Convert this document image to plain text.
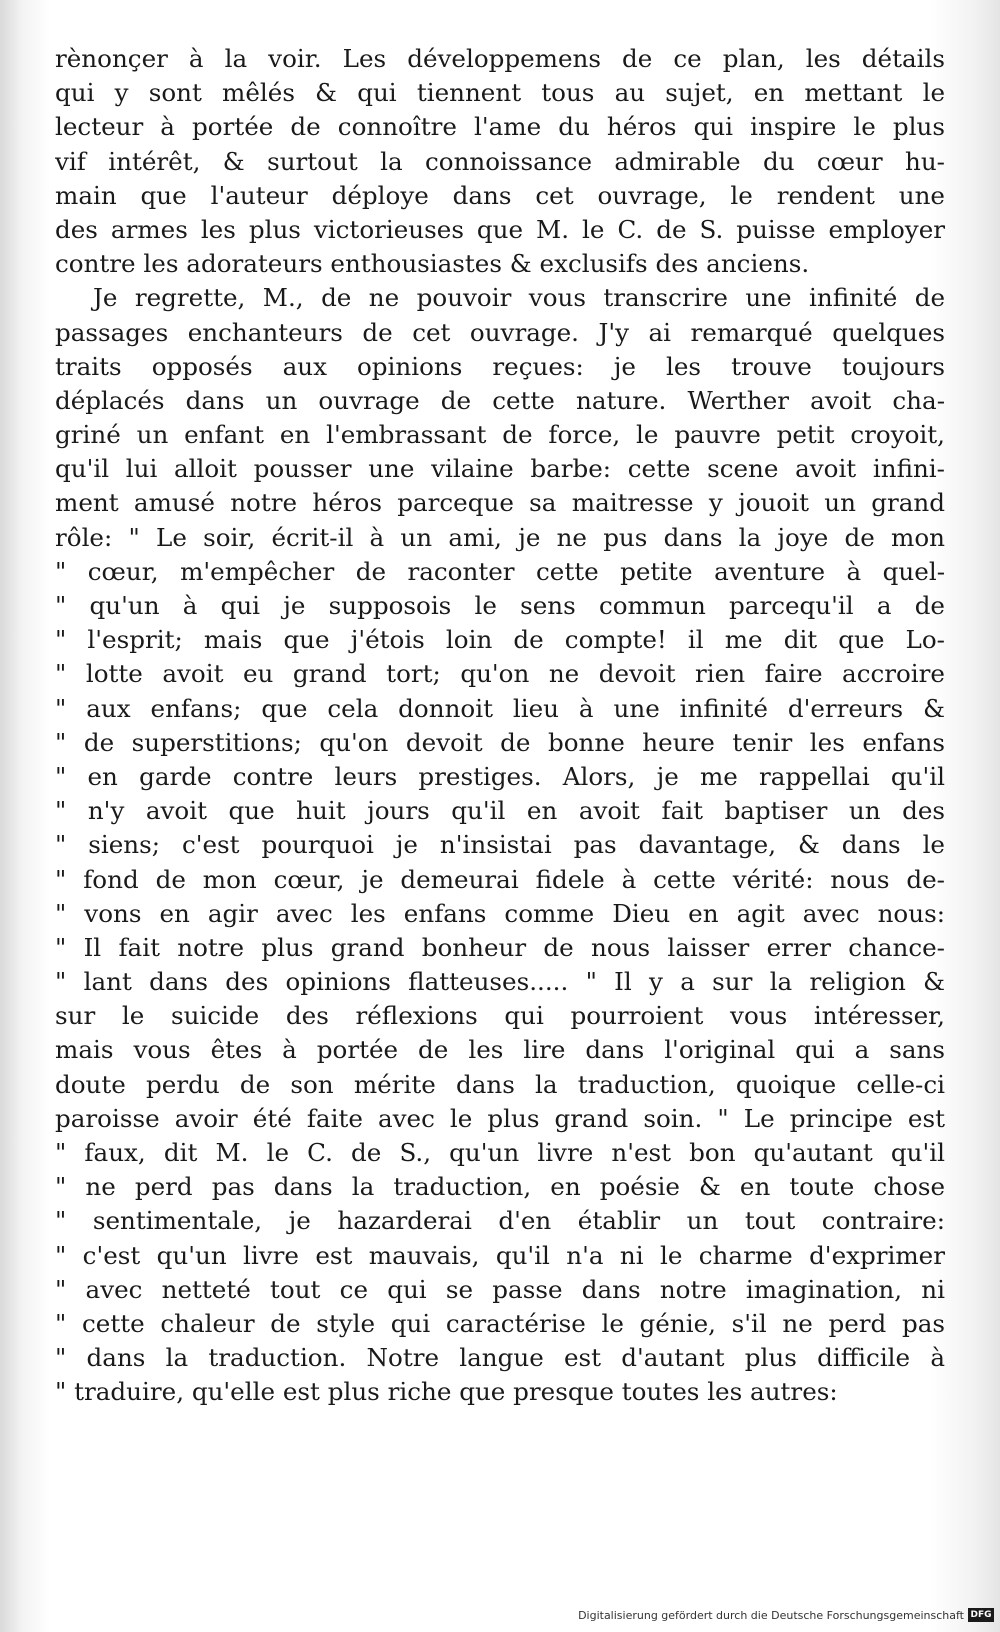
rènonçer à la voir. Les développemens de ce plan, les détails
qui y sont mêlés & qui tiennent tous au sujet, en mettant le
lecteur à portée de connoître l'ame du héros qui inspire le plus
vif intérêt, & surtout la connoissance admirable du cœur hu-
main que l'auteur déploye dans cet ouvrage, le rendent une
des armes les plus victorieuses que M. le C. de S. puisse employer
contre les adorateurs enthousiastes & exclusifs des anciens.
Je regrette, M., de ne pouvoir vous transcrire une infinité de
passages enchanteurs de cet ouvrage. J'y ai remarqué quelques
traits opposés aux opinions reçues: je les trouve toujours
déplacés dans un ouvrage de cette nature. Werther avoit cha-
griné un enfant en l'embrassant de force, le pauvre petit croyoit,
qu'il lui alloit pousser une vilaine barbe: cette scene avoit infini-
ment amusé notre héros parceque sa maitresse y jouoit un grand
rôle: " Le soir, écrit-il à un ami, je ne pus dans la joye de mon
" cœur, m'empêcher de raconter cette petite aventure à quel-
" qu'un à qui je supposois le sens commun parcequ'il a de
" l'esprit; mais que j'étois loin de compte! il me dit que Lo-
" lotte avoit eu grand tort; qu'on ne devoit rien faire accroire
" aux enfans; que cela donnoit lieu à une infinité d'erreurs &
" de superstitions; qu'on devoit de bonne heure tenir les enfans
" en garde contre leurs prestiges. Alors, je me rappellai qu'il
" n'y avoit que huit jours qu'il en avoit fait baptiser un des
" siens; c'est pourquoi je n'insistai pas davantage, & dans le
" fond de mon cœur, je demeurai fidele à cette vérité: nous de-
" vons en agir avec les enfans comme Dieu en agit avec nous:
" Il fait notre plus grand bonheur de nous laisser errer chance-
" lant dans des opinions flatteuses..... " Il y a sur la religion &
sur le suicide des réflexions qui pourroient vous intéresser,
mais vous êtes à portée de les lire dans l'original qui a sans
doute perdu de son mérite dans la traduction, quoique celle-ci
paroisse avoir été faite avec le plus grand soin. " Le principe est
" faux, dit M. le C. de S., qu'un livre n'est bon qu'autant qu'il
" ne perd pas dans la traduction, en poésie & en toute chose
" sentimentale, je hazarderai d'en établir un tout contraire:
" c'est qu'un livre est mauvais, qu'il n'a ni le charme d'exprimer
" avec netteté tout ce qui se passe dans notre imagination, ni
" cette chaleur de style qui caractérise le génie, s'il ne perd pas
" dans la traduction. Notre langue est d'autant plus difficile à
" traduire, qu'elle est plus riche que presque toutes les autres:
Digitalisierung gefördert durch die Deutsche Forschungsgemeinschaft DFG
